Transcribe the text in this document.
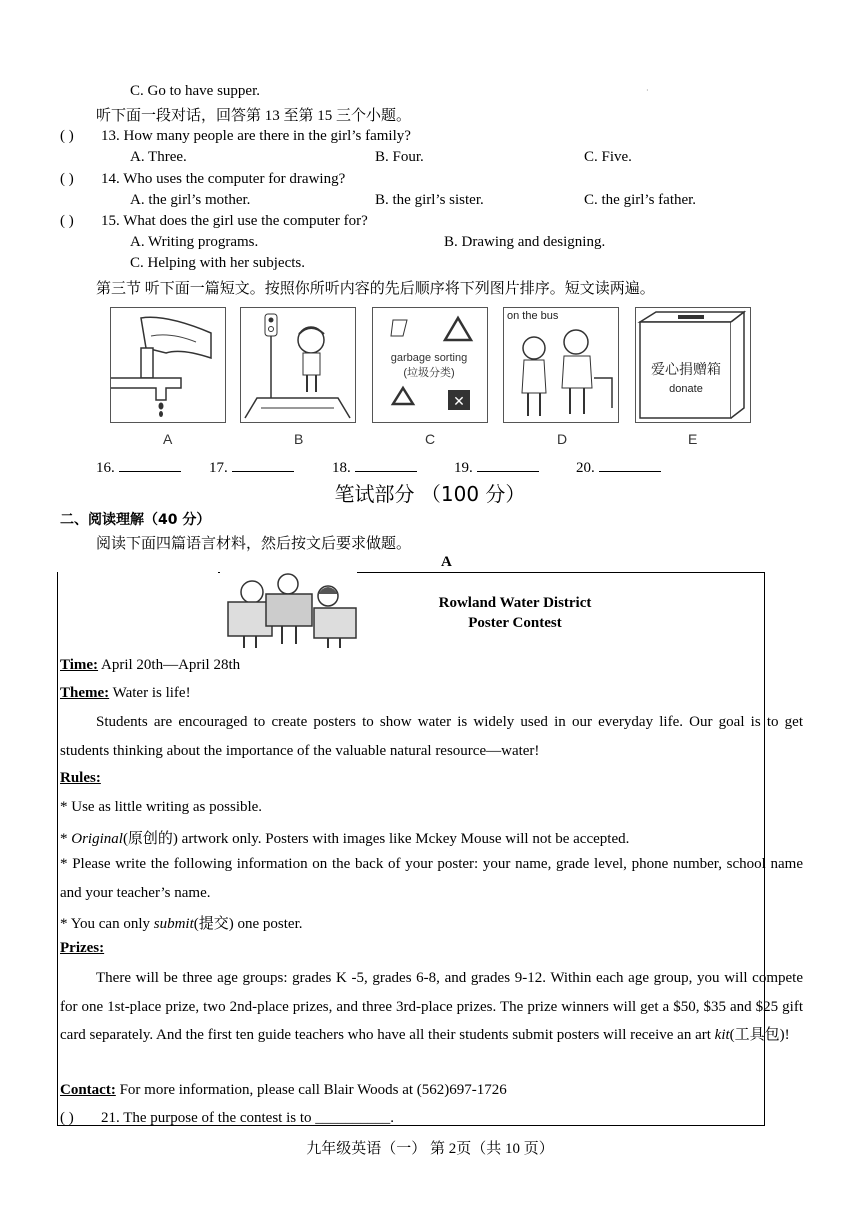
C. Go to have supper.	·
听下面一段对话，回答第 13 至第 15 三个小题。
( ) 13. How many people are there in the girl’s family?
A. Three.	B. Four.	C. Five.
( ) 14. Who uses the computer for drawing?
A. the girl’s mother.	B. the girl’s sister.	C. the girl’s father.
( ) 15. What does the girl use the computer for?
A. Writing programs.	B. Drawing and designing.
C. Helping with her subjects.
第三节 听下面一篇短文。按照你所听内容的先后顺序将下列图片排序。短文读两遍。
✕
garbage sorting
(垃圾分类)
on the bus
爱心捐赠箱
donate
A	B	C	D	E
16.	17.	18.	19.	20.
笔试部分 （100 分）
二、阅读理解（40 分）
阅读下面四篇语言材料，然后按文后要求做题。
A
Rowland Water District
Poster Contest
Time: April 20th—April 28th
Theme: Water is life!
Students are encouraged to create posters to show water is widely used in our everyday life. Our goal is to get students thinking about the importance of the valuable natural resource—water!
Rules:
* Use as little writing as possible.
* Original(原创的) artwork only. Posters with images like Mckey Mouse will not be accepted.
* Please write the following information on the back of your poster: your name, grade level, phone number, school name and your teacher’s name.
* You can only submit(提交) one poster.
Prizes:
There will be three age groups: grades K -5, grades 6-8, and grades 9-12. Within each age group, you will compete for one 1st-place prize, two 2nd-place prizes, and three 3rd-place prizes. The prize winners will get a $50, $35 and $25 gift card separately. And the first ten guide teachers who have all their students submit posters will receive an art kit(工具包)!
Contact: For more information, please call Blair Woods at (562)697-1726
( ) 21. The purpose of the contest is to __________.
九年级英语（一） 第 2页（共 10 页）
